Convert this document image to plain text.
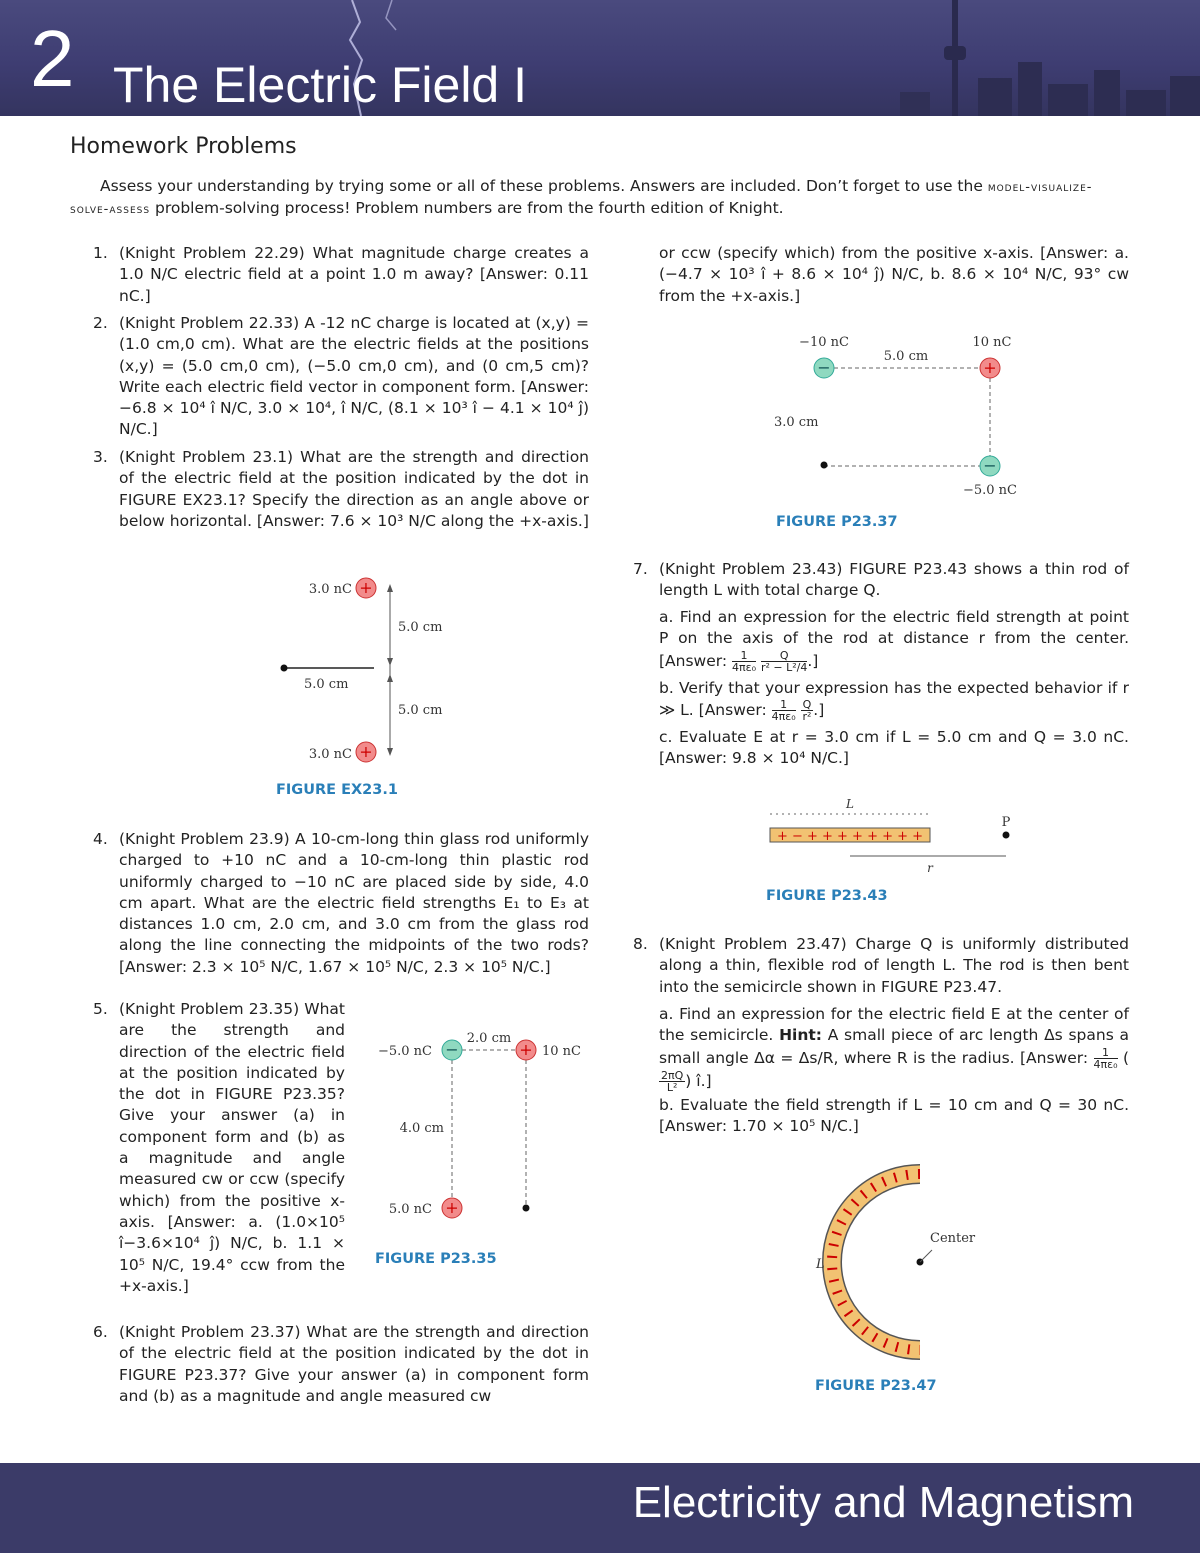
2 The Electric Field I
Homework Problems
Assess your understanding by trying some or all of these problems. Answers are included. Don’t forget to use the model-visualize-solve-assess problem-solving process! Problem numbers are from the fourth edition of Knight.
1. (Knight Problem 22.29) What magnitude charge creates a 1.0 N/C electric field at a point 1.0 m away? [Answer: 0.11 nC.]
2. (Knight Problem 22.33) A -12 nC charge is located at (x,y) = (1.0 cm,0 cm). What are the electric fields at the positions (x,y) = (5.0 cm,0 cm), (−5.0 cm,0 cm), and (0 cm,5 cm)? Write each electric field vector in component form. [Answer: −6.8 × 10⁴ î N/C, 3.0 × 10⁴, î N/C, (8.1 × 10³ î − 4.1 × 10⁴ ĵ) N/C.]
3. (Knight Problem 23.1) What are the strength and direction of the electric field at the position indicated by the dot in FIGURE EX23.1? Specify the direction as an angle above or below horizontal. [Answer: 7.6 × 10³ N/C along the +x-axis.]
+
+
3.0 nC
3.0 nC
5.0 cm
5.0 cm
5.0 cm
FIGURE EX23.1
4. (Knight Problem 23.9) A 10-cm-long thin glass rod uniformly charged to +10 nC and a 10-cm-long thin plastic rod uniformly charged to −10 nC are placed side by side, 4.0 cm apart. What are the electric field strengths E₁ to E₃ at distances 1.0 cm, 2.0 cm, and 3.0 cm from the glass rod along the line connecting the midpoints of the two rods? [Answer: 2.3 × 10⁵ N/C, 1.67 × 10⁵ N/C, 2.3 × 10⁵ N/C.]
5. (Knight Problem 23.35) What are the strength and direction of the electric field at the position indicated by the dot in FIGURE P23.35? Give your answer (a) in component form and (b) as a magnitude and angle measured cw or ccw (specify which) from the positive x-axis. [Answer: a. (1.0×10⁵ î−3.6×10⁴ ĵ) N/C, b. 1.1 × 10⁵ N/C, 19.4° ccw from the +x-axis.]
−	+
+
−5.0 nC	10 nC
5.0 nC
2.0 cm
4.0 cm
FIGURE P23.35
6. (Knight Problem 23.37) What are the strength and direction of the electric field at the position indicated by the dot in FIGURE P23.37? Give your answer (a) in component form and (b) as a magnitude and angle measured cw
or ccw (specify which) from the positive x-axis. [Answer: a. (−4.7 × 10³ î + 8.6 × 10⁴ ĵ) N/C, b. 8.6 × 10⁴ N/C, 93° cw from the +x-axis.]
−	+
−
−10 nC	10 nC
−5.0 nC
5.0 cm
3.0 cm
FIGURE P23.37
7. (Knight Problem 23.43) FIGURE P23.43 shows a thin rod of length L with total charge Q.
a. Find an expression for the electric field strength at point P on the axis of the rod at distance r from the center. [Answer: $\frac{1}{\text{4πε₀}}$
$\frac{Q}{\text{r² − L²/4}}$ .]
b. Verify that your expression has the expected behavior if r ≫ L. [Answer: $\frac{1}{\text{4πε₀}}$
$\frac{Q}{\text{r²}}$ .]
c. Evaluate E at r = 3.0 cm if L = 5.0 cm and Q = 3.0 nC. [Answer: 9.8 × 10⁴ N/C.]
L
+ − + + + + + + + +
P
r
FIGURE P23.43
8. (Knight Problem 23.47) Charge Q is uniformly distributed along a thin, flexible rod of length L. The rod is then bent into the semicircle shown in FIGURE P23.47.
a. Find an expression for the electric field E at the center of the semicircle. Hint: A small piece of arc length Δs spans a small angle Δα = Δs/R, where R is the radius. [Answer: $\frac{1}{\text{4πε₀}}$ (
$\frac{2\pi Q}{\text{L²}}$ ) î.]
b. Evaluate the field strength if L = 10 cm and Q = 30 nC. [Answer: 1.70 × 10⁵ N/C.]
Center
L
FIGURE P23.47
Electricity and Magnetism
